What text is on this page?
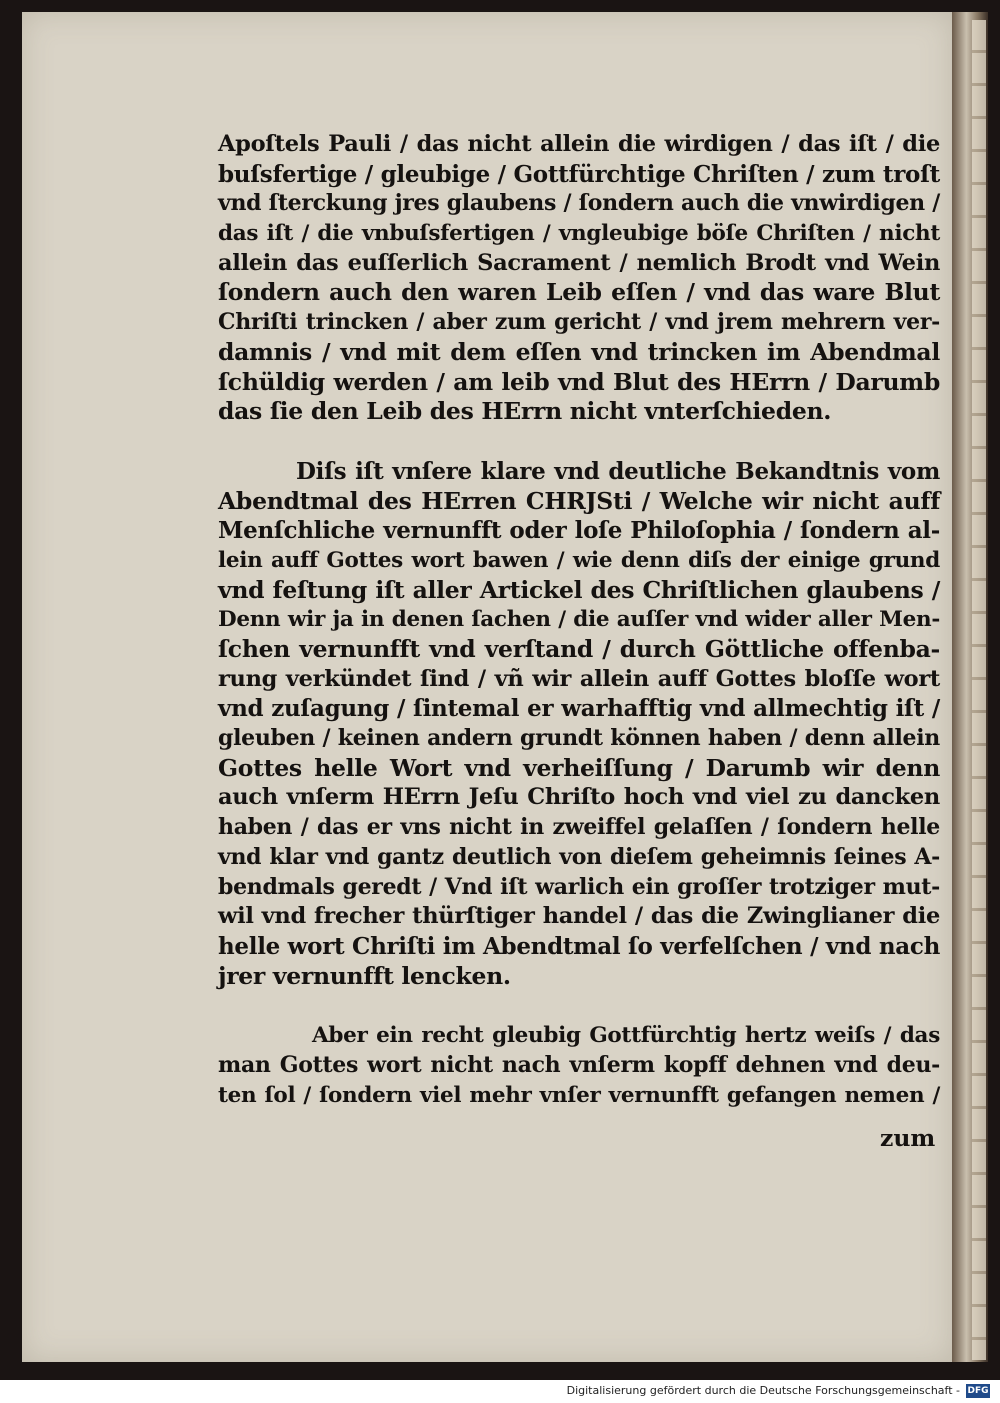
Apoſtels Pauli / das nicht allein die wirdigen / das iſt / die
buſsfertige / gleubige / Gottfürchtige Chriſten / zum troſt
vnd ſterckung jres glaubens / ſondern auch die vnwirdigen /
das iſt / die vnbuſsfertigen / vngleubige böſe Chriſten / nicht
allein das euſſerlich Sacrament / nemlich Brodt vnd Wein
ſondern auch den waren Leib eſſen / vnd das ware Blut
Chriſti trincken / aber zum gericht / vnd jrem mehrern ver-
damnis / vnd mit dem eſſen vnd trincken im Abendmal
ſchüldig werden / am leib vnd Blut des HErrn / Darumb
das ſie den Leib des HErrn nicht vnterſchieden.
Diſs iſt vnſere klare vnd deutliche Bekandtnis vom
Abendtmal des HErren CHRJSti / Welche wir nicht auff
Menſchliche vernunfft oder loſe Philoſophia / ſondern al-
lein auff Gottes wort bawen / wie denn diſs der einige grund
vnd feſtung iſt aller Artickel des Chriſtlichen glaubens /
Denn wir ja in denen ſachen / die auſſer vnd wider aller Men-
ſchen vernunfft vnd verſtand / durch Göttliche offenba-
rung verkündet ſind / vñ wir allein auff Gottes bloſſe wort
vnd zuſagung / ſintemal er warhafftig vnd allmechtig iſt /
gleuben / keinen andern grundt können haben / denn allein
Gottes helle Wort vnd verheiſſung / Darumb wir denn
auch vnſerm HErrn Jeſu Chriſto hoch vnd viel zu dancken
haben / das er vns nicht in zweiffel gelaſſen / ſondern helle
vnd klar vnd gantz deutlich von dieſem geheimnis ſeines A-
bendmals geredt / Vnd iſt warlich ein groſſer trotziger mut-
wil vnd frecher thürſtiger handel / das die Zwinglianer die
helle wort Chriſti im Abendtmal ſo verfelſchen / vnd nach
jrer vernunfft lencken.
Aber ein recht gleubig Gottfürchtig hertz weiſs / das
man Gottes wort nicht nach vnſerm kopff dehnen vnd deu-
ten ſol / ſondern viel mehr vnſer vernunfft gefangen nemen /
zum
Digitalisierung gefördert durch die Deutsche Forschungsgemeinschaft - DFG
